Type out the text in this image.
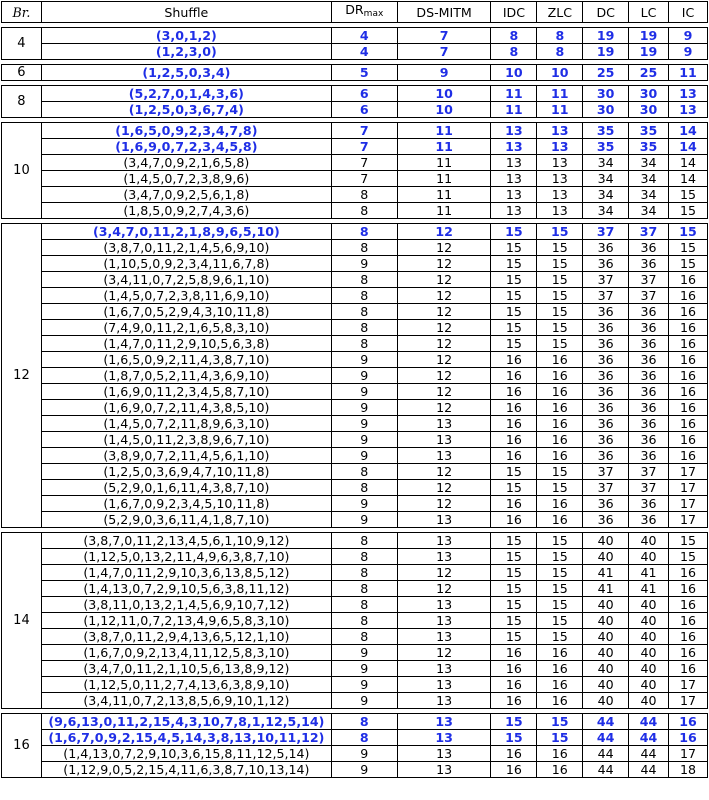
Br.	Shuffle	$DR_{max}$	DS-MITM	IDC	ZLC	DC	LC	IC

4	(3,0,1,2)	4	7	8	8	19	19	9
	(1,2,3,0)	4	7	8	8	19	19	9

6	(1,2,5,0,3,4)	5	9	10	10	25	25	11

8	(5,2,7,0,1,4,3,6)	6	10	11	11	30	30	13
	(1,2,5,0,3,6,7,4)	6	10	11	11	30	30	13

10	(1,6,5,0,9,2,3,4,7,8)	7	11	13	13	35	35	14
	(1,6,9,0,7,2,3,4,5,8)	7	11	13	13	35	35	14
	(3,4,7,0,9,2,1,6,5,8)	7	11	13	13	34	34	14
	(1,4,5,0,7,2,3,8,9,6)	7	11	13	13	34	34	14
	(3,4,7,0,9,2,5,6,1,8)	8	11	13	13	34	34	15
	(1,8,5,0,9,2,7,4,3,6)	8	11	13	13	34	34	15

12	(3,4,7,0,11,2,1,8,9,6,5,10)	8	12	15	15	37	37	15
	(3,8,7,0,11,2,1,4,5,6,9,10)	8	12	15	15	36	36	15
	(1,10,5,0,9,2,3,4,11,6,7,8)	9	12	15	15	36	36	15
	(3,4,11,0,7,2,5,8,9,6,1,10)	8	12	15	15	37	37	16
	(1,4,5,0,7,2,3,8,11,6,9,10)	8	12	15	15	37	37	16
	(1,6,7,0,5,2,9,4,3,10,11,8)	8	12	15	15	36	36	16
	(7,4,9,0,11,2,1,6,5,8,3,10)	8	12	15	15	36	36	16
	(1,4,7,0,11,2,9,10,5,6,3,8)	8	12	15	15	36	36	16
	(1,6,5,0,9,2,11,4,3,8,7,10)	9	12	16	16	36	36	16
	(1,8,7,0,5,2,11,4,3,6,9,10)	9	12	16	16	36	36	16
	(1,6,9,0,11,2,3,4,5,8,7,10)	9	12	16	16	36	36	16
	(1,6,9,0,7,2,11,4,3,8,5,10)	9	12	16	16	36	36	16
	(1,4,5,0,7,2,11,8,9,6,3,10)	9	13	16	16	36	36	16
	(1,4,5,0,11,2,3,8,9,6,7,10)	9	13	16	16	36	36	16
	(3,8,9,0,7,2,11,4,5,6,1,10)	9	13	16	16	36	36	16
	(1,2,5,0,3,6,9,4,7,10,11,8)	8	12	15	15	37	37	17
	(5,2,9,0,1,6,11,4,3,8,7,10)	8	12	15	15	37	37	17
	(1,6,7,0,9,2,3,4,5,10,11,8)	9	12	16	16	36	36	17
	(5,2,9,0,3,6,11,4,1,8,7,10)	9	13	16	16	36	36	17

14	(3,8,7,0,11,2,13,4,5,6,1,10,9,12)	8	13	15	15	40	40	15
	(1,12,5,0,13,2,11,4,9,6,3,8,7,10)	8	13	15	15	40	40	15
	(1,4,7,0,11,2,9,10,3,6,13,8,5,12)	8	12	15	15	41	41	16
	(1,4,13,0,7,2,9,10,5,6,3,8,11,12)	8	12	15	15	41	41	16
	(3,8,11,0,13,2,1,4,5,6,9,10,7,12)	8	13	15	15	40	40	16
	(1,12,11,0,7,2,13,4,9,6,5,8,3,10)	8	13	15	15	40	40	16
	(3,8,7,0,11,2,9,4,13,6,5,12,1,10)	8	13	15	15	40	40	16
	(1,6,7,0,9,2,13,4,11,12,5,8,3,10)	9	12	16	16	40	40	16
	(3,4,7,0,11,2,1,10,5,6,13,8,9,12)	9	13	16	16	40	40	16
	(1,12,5,0,11,2,7,4,13,6,3,8,9,10)	9	13	16	16	40	40	17
	(3,4,11,0,7,2,13,8,5,6,9,10,1,12)	9	13	16	16	40	40	17

16	(9,6,13,0,11,2,15,4,3,10,7,8,1,12,5,14)	8	13	15	15	44	44	16
	(1,6,7,0,9,2,15,4,5,14,3,8,13,10,11,12)	8	13	15	15	44	44	16
	(1,4,13,0,7,2,9,10,3,6,15,8,11,12,5,14)	9	13	16	16	44	44	17
	(1,12,9,0,5,2,15,4,11,6,3,8,7,10,13,14)	9	13	16	16	44	44	18
